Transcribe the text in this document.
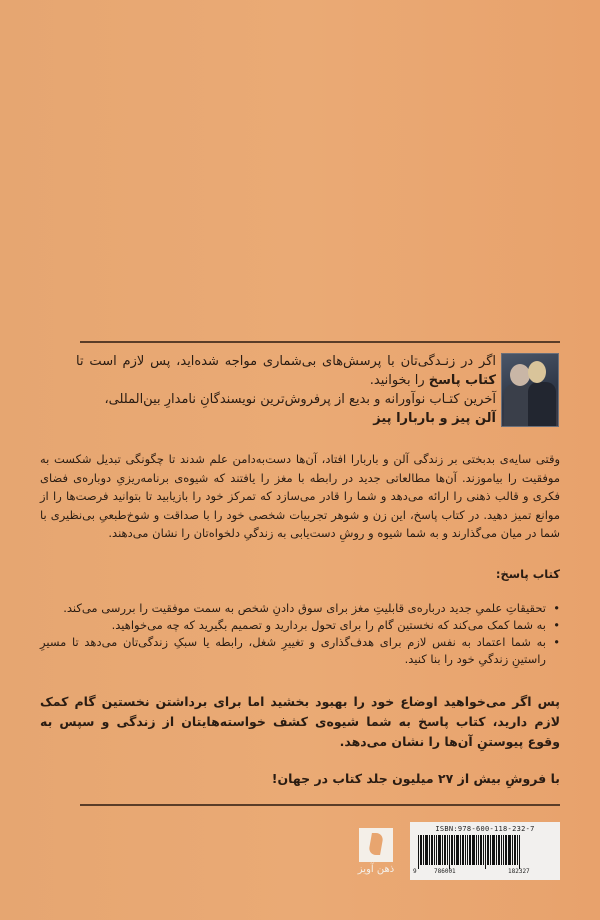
اگر در زنـدگی‌تان با پرسش‌های بی‌شماری مواجه شده‌اید، پس لازم است تا کتاب پاسخ را بخوانید.
آخرین کتـاب نوآورانه و بدیع از پرفروش‌ترین نویسندگانِ نامدارِ بین‌المللی،
آلن پیز و باربارا پیز
وقتی سایه‌ی بدبختی بر زندگی آلن و باربارا افتاد، آن‌ها دست‌به‌دامن علم شدند تا چگونگی تبدیل شکست به موفقیت را بیاموزند. آن‌ها مطالعاتی جدید در رابطه با مغز را یافتند که شیوه‌ی برنامه‌ریزیِ دوباره‌ی فضای فکری و قالب ذهنی را ارائه می‌دهد و شما را قادر می‌سازد که تمرکز خود را بازیابید تا بتوانید فرصت‌ها را از موانع تمیز دهید. در کتاب پاسخ، این زن و شوهر تجربیات شخصی خود را با صداقت و شوخ‌طبعیِ بی‌نظیری با شما در میان می‌گذارند و به شما شیوه و روشِ دست‌یابی به زندگیِ دلخواه‌تان را نشان می‌دهند.
کتاب پاسخ:
• تحقیقاتِ علمیِ جدید درباره‌ی قابلیتِ مغز برای سوق دادنِ شخص به سمت موفقیت را بررسی می‌کند.
• به شما کمک می‌کند که نخستین گام را برای تحول بردارید و تصمیم بگیرید که چه می‌خواهید.
• به شما اعتماد به نفس لازم برای هدف‌گذاری و تغییرِ شغل، رابطه یا سبکِ زندگی‌تان می‌دهد تا مسیرِ راستینِ زندگیِ خود را بنا کنید.
پس اگر می‌خواهید اوضاع خود را بهبود بخشید اما برای برداشتن نخستین گام کمک لازم دارید، کتاب پاسخ به شما شیوه‌ی کشف خواسته‌هایتان از زندگی و سپس به وقوع پیوستنِ آن‌ها را نشان می‌دهد.
با فروشِ بیش از ۲۷ میلیون جلد کتاب در جهان!
ذهن آویز
ISBN:978-600-118-232-7
9	786001	182327
